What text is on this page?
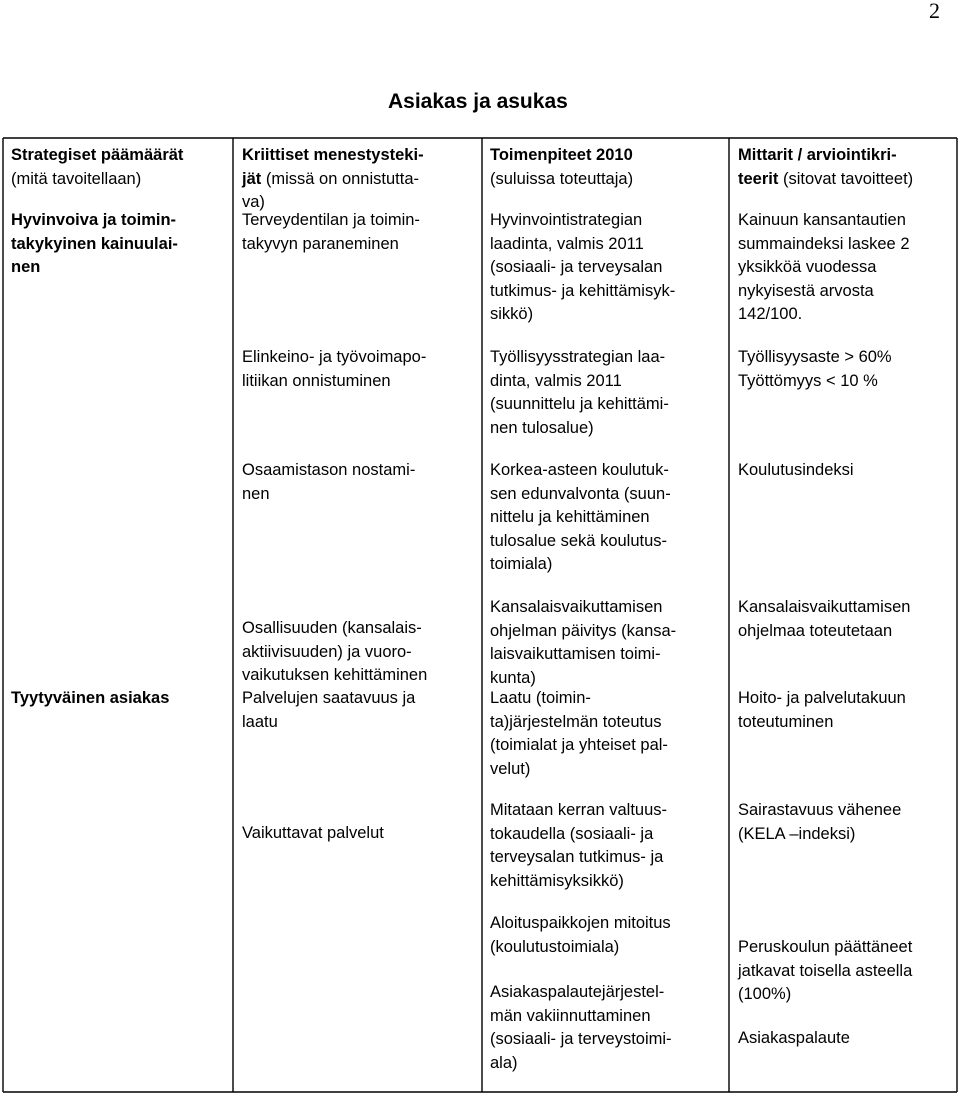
2
Asiakas ja asukas
Strategiset päämäärät
(mitä tavoitellaan)
Kriittiset menestysteki-
jät (missä on onnistutta-
va)
Toimenpiteet 2010
(suluissa toteuttaja)
Mittarit / arviointikri-
teerit (sitovat tavoitteet)
Hyvinvoiva ja toimin-
takykyinen kainuulai-
nen
Terveydentilan ja toimin-
takyvyn paraneminen
Hyvinvointistrategian
laadinta, valmis 2011
(sosiaali- ja terveysalan
tutkimus- ja kehittämisyk-
sikkö)
Kainuun kansantautien
summaindeksi laskee 2
yksikköä vuodessa
nykyisestä arvosta
142/100.
Elinkeino- ja työvoimapo-
litiikan onnistuminen
Työllisyysstrategian laa-
dinta, valmis 2011
(suunnittelu ja kehittämi-
nen tulosalue)
Työllisyysaste > 60%
Työttömyys < 10 %
Osaamistason nostami-
nen
Korkea-asteen koulutuk-
sen edunvalvonta (suun-
nittelu ja kehittäminen
tulosalue sekä koulutus-
toimiala)
Koulutusindeksi
Tyytyväinen asiakas
Osallisuuden (kansalais-
aktiivisuuden) ja vuoro-
vaikutuksen kehittäminen
Kansalaisvaikuttamisen
ohjelman päivitys (kansa-
laisvaikuttamisen toimi-
kunta)
Kansalaisvaikuttamisen
ohjelmaa toteutetaan
Palvelujen saatavuus ja
laatu
Laatu (toimin-
ta)järjestelmän toteutus
(toimialat ja yhteiset pal-
velut)
Hoito- ja palvelutakuun
toteutuminen
Vaikuttavat palvelut
Mitataan kerran valtuus-
tokaudella (sosiaali- ja
terveysalan tutkimus- ja
kehittämisyksikkö)
Sairastavuus vähenee
(KELA –indeksi)
Aloituspaikkojen mitoitus
(koulutustoimiala)
Asiakaspalautejärjestel-
män vakiinnuttaminen
(sosiaali- ja terveystoimi-
ala)
Peruskoulun päättäneet
jatkavat toisella asteella
(100%)
Asiakaspalaute
